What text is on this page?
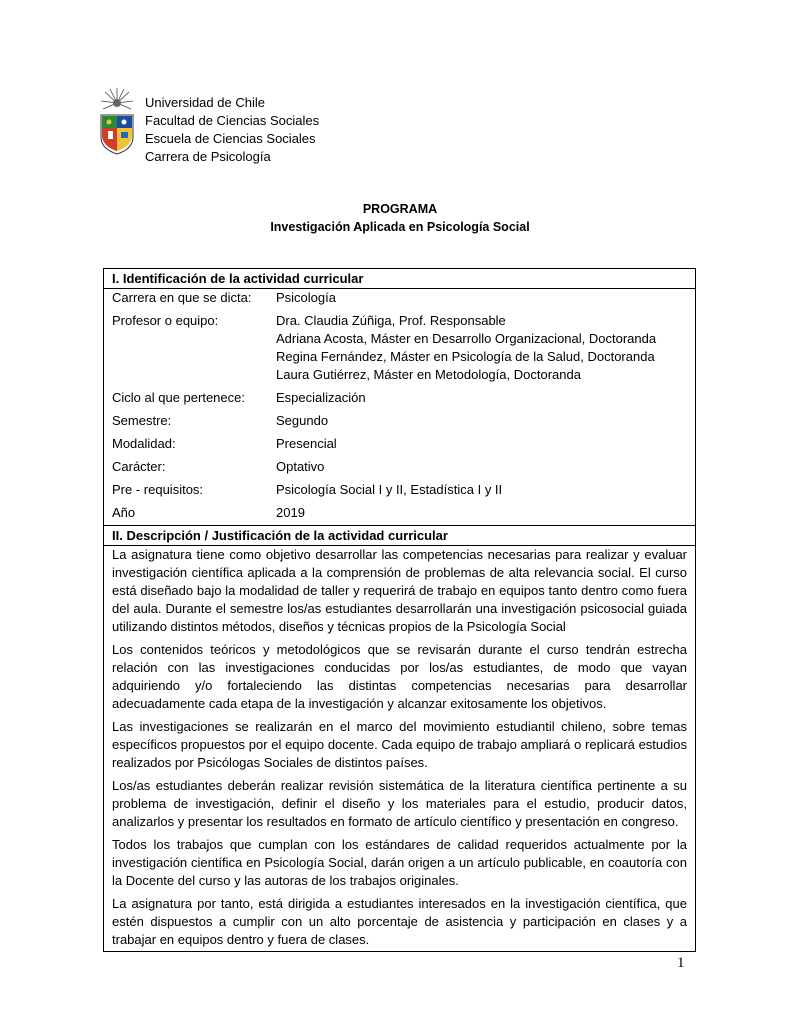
Universidad de Chile
Facultad de Ciencias Sociales
Escuela de Ciencias Sociales
Carrera de Psicología
PROGRAMA
Investigación Aplicada en Psicología Social
I. Identificación de la actividad curricular

Carrera en que se dicta:	Psicología
Profesor o equipo:	Dra. Claudia Zúñiga, Prof. Responsable
Adriana Acosta, Máster en Desarrollo Organizacional, Doctoranda
Regina Fernández, Máster en Psicología de la Salud, Doctoranda
Laura Gutiérrez, Máster en Metodología, Doctoranda
Ciclo al que pertenece:	Especialización
Semestre:	Segundo
Modalidad:	Presencial
Carácter:	Optativo
Pre - requisitos:	Psicología Social I y II, Estadística I y II
Año	2019

II. Descripción / Justificación de la actividad curricular

La asignatura tiene como objetivo desarrollar las competencias necesarias para realizar y evaluar investigación científica aplicada a la comprensión de problemas de alta relevancia social. El curso está diseñado bajo la modalidad de taller y requerirá de trabajo en equipos tanto dentro como fuera del aula. Durante el semestre los/as estudiantes desarrollarán una investigación psicosocial guiada utilizando distintos métodos, diseños y técnicas propios de la Psicología Social

Los contenidos teóricos y metodológicos que se revisarán durante el curso tendrán estrecha relación con las investigaciones conducidas por los/as estudiantes, de modo que vayan adquiriendo y/o fortaleciendo las distintas competencias necesarias para desarrollar adecuadamente cada etapa de la investigación y alcanzar exitosamente los objetivos.

Las investigaciones se realizarán en el marco del movimiento estudiantil chileno, sobre temas específicos propuestos por el equipo docente. Cada equipo de trabajo ampliará o replicará estudios realizados por Psicólogas Sociales de distintos países.

Los/as estudiantes deberán realizar revisión sistemática de la literatura científica pertinente a su problema de investigación, definir el diseño y los materiales para el estudio, producir datos, analizarlos y presentar los resultados en formato de artículo científico y presentación en congreso.

Todos los trabajos que cumplan con los estándares de calidad requeridos actualmente por la investigación científica en Psicología Social, darán origen a un artículo publicable, en coautoría con la Docente del curso y las autoras de los trabajos originales.

La asignatura por tanto, está dirigida a estudiantes interesados en la investigación científica, que estén dispuestos a cumplir con un alto porcentaje de asistencia y participación en clases y a trabajar en equipos dentro y fuera de clases.

1
